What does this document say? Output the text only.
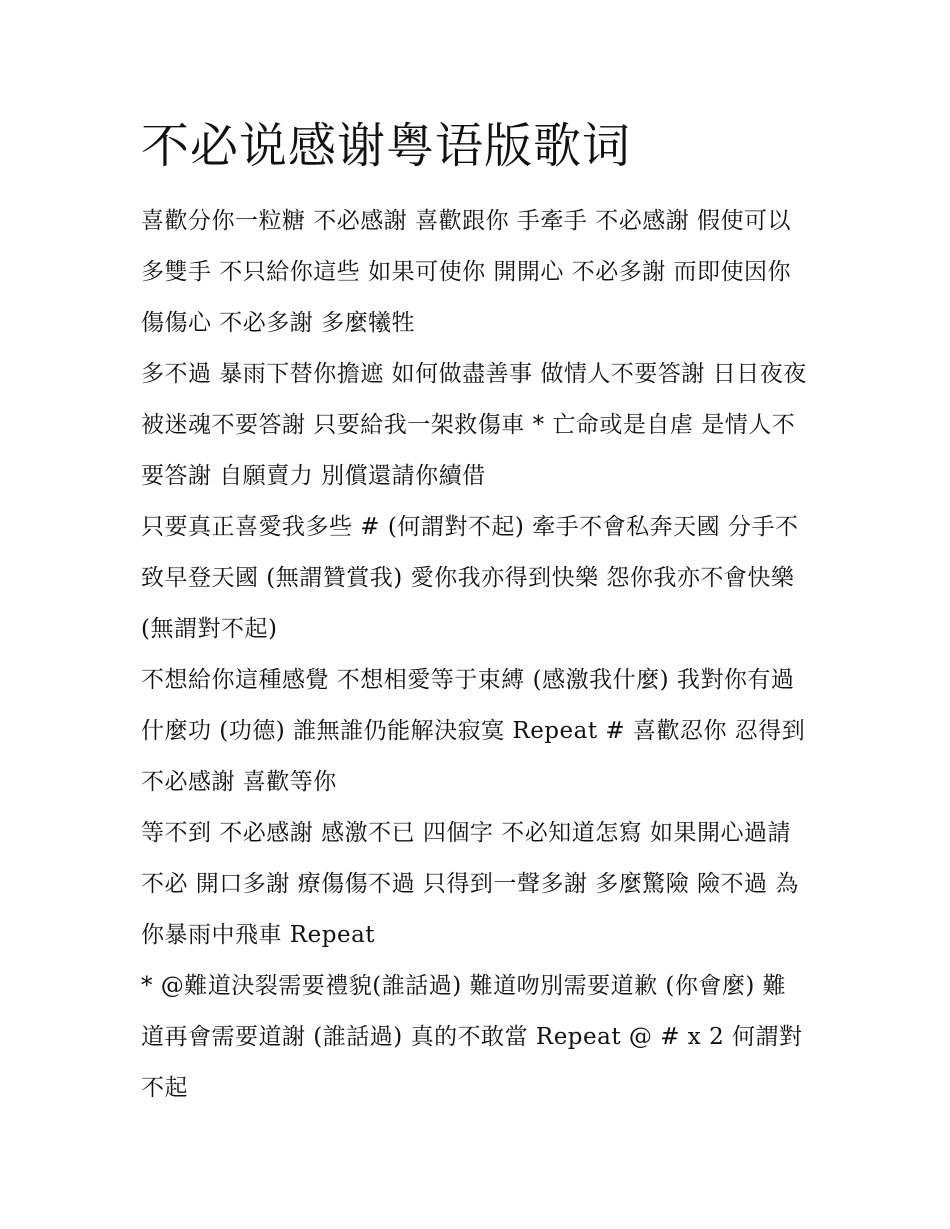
不必说感谢粤语版歌词

喜歡分你一粒糖 不必感謝 喜歡跟你 手牽手 不必感謝 假使可以 多雙手 不只給你這些 如果可使你 開開心 不必多謝 而即使因你傷傷心 不必多謝 多麼犧牲

多不過 暴雨下替你擔遮 如何做盡善事 做情人不要答謝 日日夜夜被迷魂不要答謝 只要給我一架救傷車 * 亡命或是自虐 是情人不要答謝 自願賣力 別償還請你續借

只要真正喜愛我多些 # (何謂對不起) 牽手不會私奔天國 分手不致早登天國 (無謂贊賞我) 愛你我亦得到快樂 怨你我亦不會快樂(無謂對不起)

不想給你這種感覺 不想相愛等于束縛 (感激我什麼) 我對你有過什麼功 (功德) 誰無誰仍能解決寂寞 Repeat # 喜歡忍你 忍得到 不必感謝 喜歡等你

等不到 不必感謝 感激不已 四個字 不必知道怎寫 如果開心過請不必 開口多謝 療傷傷不過 只得到一聲多謝 多麼驚險 險不過 為你暴雨中飛車 Repeat

* @難道決裂需要禮貌(誰話過) 難道吻別需要道歉 (你會麼) 難道再會需要道謝 (誰話過) 真的不敢當 Repeat @ # x 2 何謂對不起
